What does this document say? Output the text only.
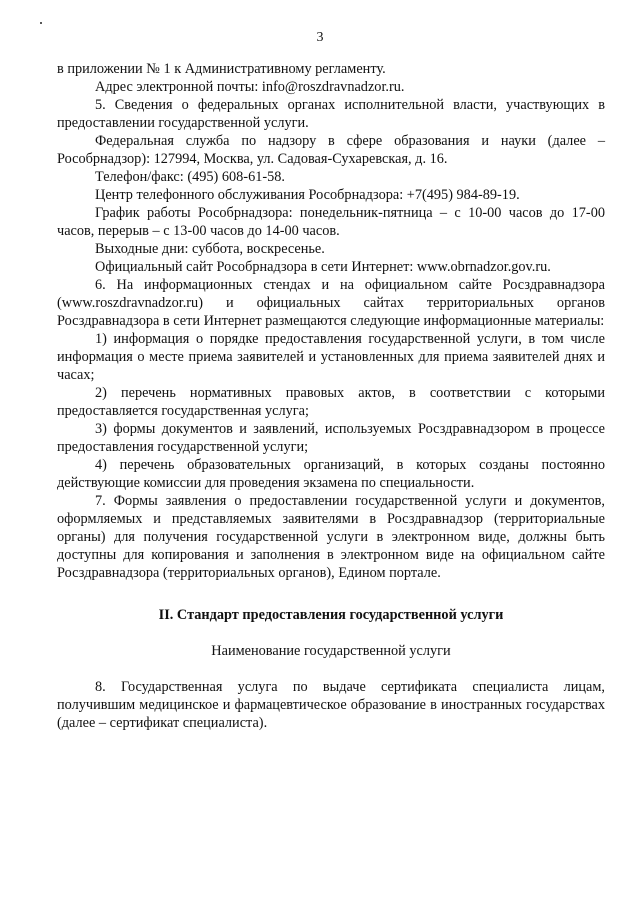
3

в приложении № 1 к Административному регламенту.

Адрес электронной почты: info@roszdravnadzor.ru.

5. Сведения о федеральных органах исполнительной власти, участвующих в предоставлении государственной услуги.

Федеральная служба по надзору в сфере образования и науки (далее – Рособрнадзор): 127994, Москва, ул. Садовая-Сухаревская, д. 16.

Телефон/факс: (495) 608-61-58.

Центр телефонного обслуживания Рособрнадзора: +7(495) 984-89-19.

График работы Рособрнадзора: понедельник-пятница – с 10-00 часов до 17-00 часов, перерыв – с 13-00 часов до 14-00 часов.

Выходные дни: суббота, воскресенье.

Официальный сайт Рособрнадзора в сети Интернет: www.obrnadzor.gov.ru.

6. На информационных стендах и на официальном сайте Росздравнадзора (www.roszdravnadzor.ru) и официальных сайтах территориальных органов Росздравнадзора в сети Интернет размещаются следующие информационные материалы:

1) информация о порядке предоставления государственной услуги, в том числе информация о месте приема заявителей и установленных для приема заявителей днях и часах;

2) перечень нормативных правовых актов, в соответствии с которыми предоставляется государственная услуга;

3) формы документов и заявлений, используемых Росздравнадзором в процессе предоставления государственной услуги;

4) перечень образовательных организаций, в которых созданы постоянно действующие комиссии для проведения экзамена по специальности.

7. Формы заявления о предоставлении государственной услуги и документов, оформляемых и представляемых заявителями в Росздравнадзор (территориальные органы) для получения государственной услуги в электронном виде, должны быть доступны для копирования и заполнения в электронном виде на официальном сайте Росздравнадзора (территориальных органов), Едином портале.

II. Стандарт предоставления государственной услуги

Наименование государственной услуги

8. Государственная услуга по выдаче сертификата специалиста лицам, получившим медицинское и фармацевтическое образование в иностранных государствах (далее – сертификат специалиста).
